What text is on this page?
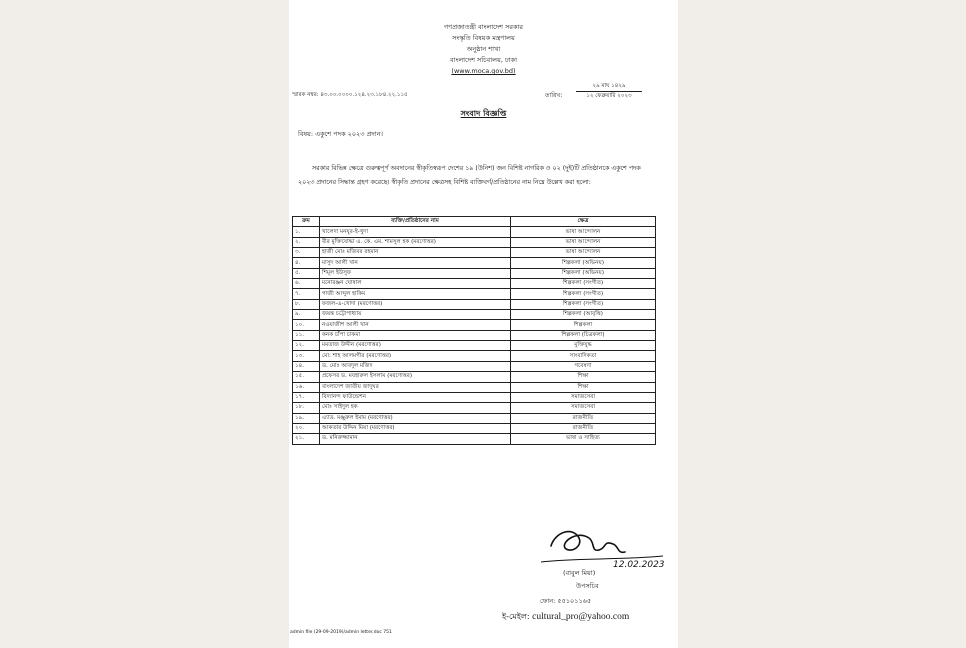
গণপ্রজাতন্ত্রী বাংলাদেশ সরকার
সংস্কৃতি বিষয়ক মন্ত্রণালয়
অনুষ্ঠান শাখা
বাংলাদেশ সচিবালয়, ঢাকা
(www.moca.gov.bd)
স্মারক নম্বর: ৪৩.০০.০০০০.১২৪.২৩.১৮৪.২২.১১৫	তারিখ:
২৯ মাঘ ১৪২৯
১২ ফেব্রুয়ারি ২০২৩
সংবাদ বিজ্ঞপ্তি
বিষয়: একুশে পদক ২০২৩ প্রদান।
সরকার বিভিন্ন ক্ষেত্রে গুরুত্বপূর্ণ অবদানের স্বীকৃতিস্বরূপ দেশের ১৯ (উনিশ) জন বিশিষ্ট নাগরিক ও ০২ (দুই)টি প্রতিষ্ঠানকে একুশে পদক ২০২৩ প্রদানের সিদ্ধান্ত গ্রহণ করেছে। স্বীকৃতি প্রদানের ক্ষেত্রসহ বিশিষ্ট ব্যক্তিবর্গ/প্রতিষ্ঠানের নাম নিম্নে উল্লেখ করা হলো:
ক্রম	ব্যক্তি/প্রতিষ্ঠানের নাম	ক্ষেত্র
১.	খালেদা মনযূর-ই-খুদা	ভাষা আন্দোলন
২.	বীর মুক্তিযোদ্ধা এ. কে. এম. শামসুল হক (মরণোত্তর)	ভাষা আন্দোলন
৩.	হাজী মোঃ মজিবর রহমান	ভাষা আন্দোলন
৪.	মাসুদ আলী খান	শিল্পকলা (অভিনয়)
৫.	শিমূল ইউসুফ	শিল্পকলা (অভিনয়)
৬.	মনোরঞ্জন ঘোষাল	শিল্পকলা (সংগীত)
৭.	গাজী আব্দুল হাকিম	শিল্পকলা (সংগীত)
৮.	ফজল-এ-খোদা (মরণোত্তর)	শিল্পকলা (সংগীত)
৯.	জয়ন্ত চট্টোপাধ্যায়	শিল্পকলা (আবৃত্তি)
১০.	নওয়াজীশ আলী খান	শিল্পকলা
১১.	কনক চাঁপা চাকমা	শিল্পকলা (চিত্রকলা)
১২.	মমতাজ উদ্দীন (মরণোত্তর)	মুক্তিযুদ্ধ
১৩.	মো: শাহ আলমগীর (মরণোত্তর)	সাংবাদিকতা
১৪.	ড. মোঃ আবদুল মজিদ	গবেষণা
১৫.	প্রফেসর ড. মযহারুল ইসলাম (মরণোত্তর)	শিক্ষা
১৬.	বাংলাদেশ জাতীয় জাদুঘর	শিক্ষা
১৭.	বিদ্যানন্দ ফাউন্ডেশন	সমাজসেবা
১৮.	মোঃ সাইদুল হক	সমাজসেবা
১৯.	এ্যাড. মঞ্জুরুল ইমাম (মরণোত্তর)	রাজনীতি
২০.	আকতার উদ্দিন মিয়া (মরণোত্তর)	রাজনীতি
২১.	ড. মনিরুজ্জামান	ভাষা ও সাহিত্য
12.02.2023
(বাবুল মিয়া)
উপসচিব
ফোন: ৫৫১০১১৬৫
ই-মেইল: cultural_pro@yahoo.com
admin file (29-09-2019)/admin letter.doc 751
